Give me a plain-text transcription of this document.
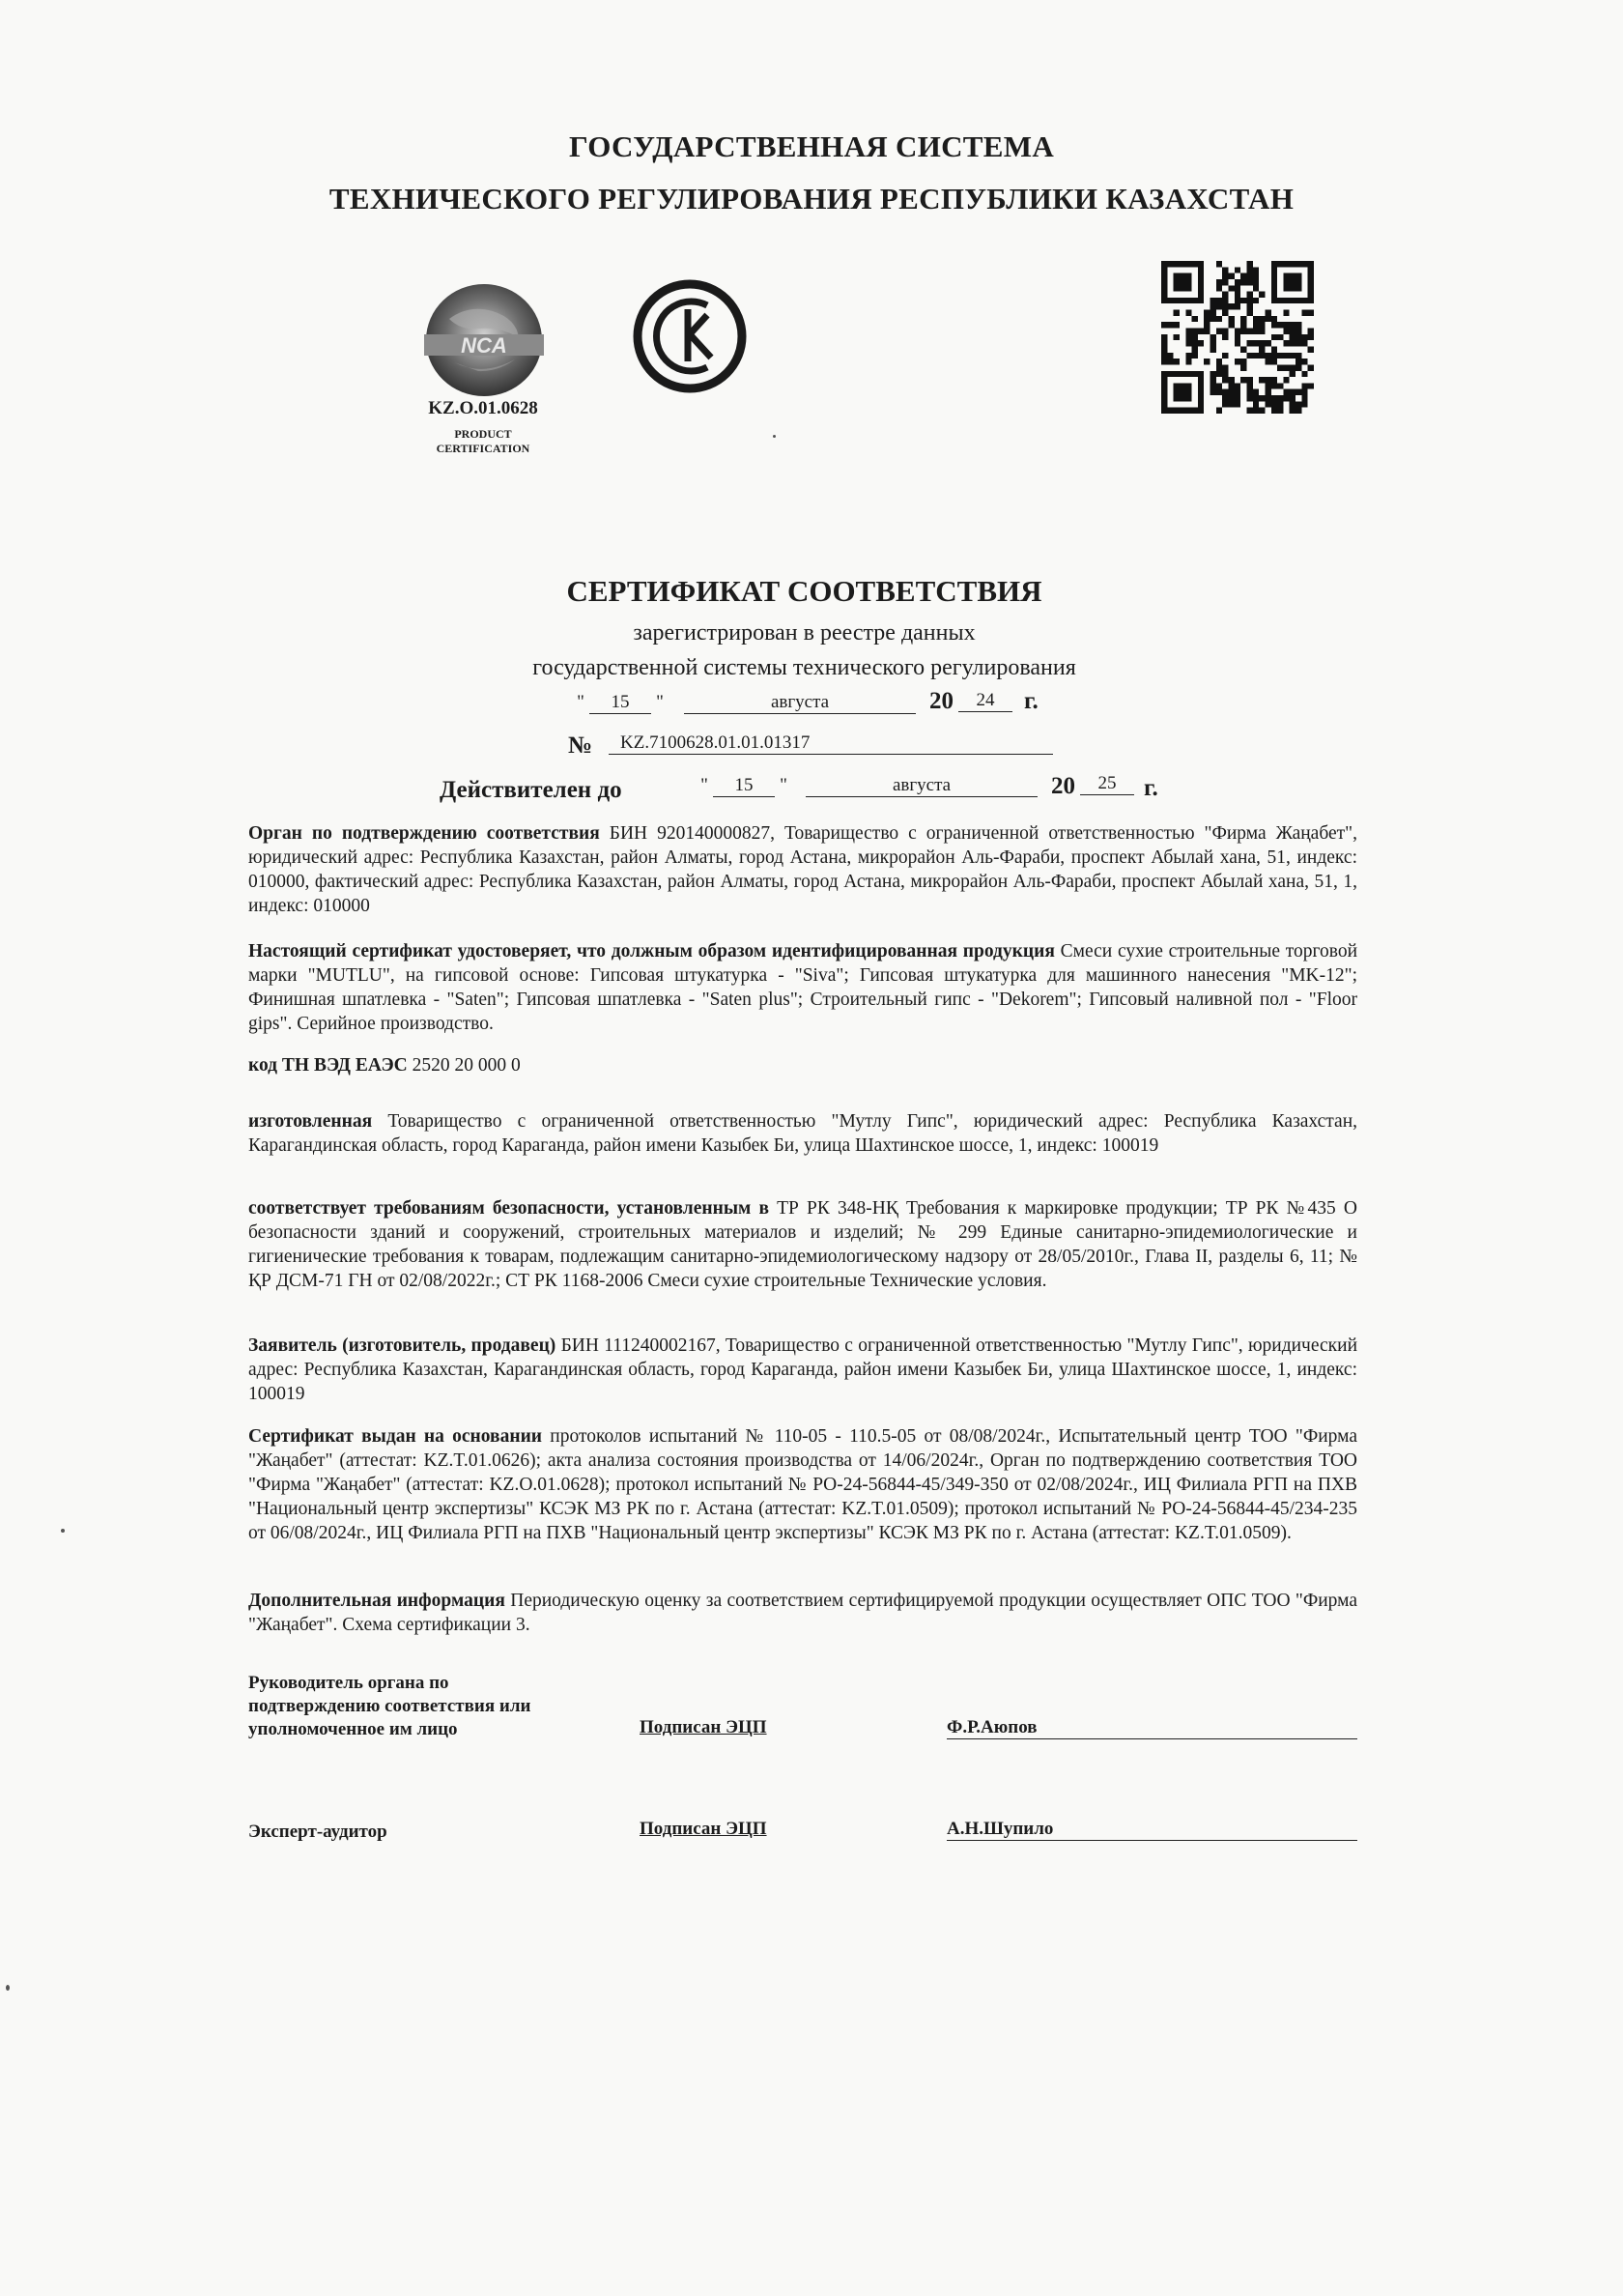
ГОСУДАРСТВЕННАЯ СИСТЕМА
ТЕХНИЧЕСКОГО РЕГУЛИРОВАНИЯ РЕСПУБЛИКИ КАЗАХСТАН
NCA
KZ.O.01.0628
PRODUCT
CERTIFICATION
СЕРТИФИКАТ СООТВЕТСТВИЯ
зарегистрирован в реестре данных
государственной системы технического регулирования
"	15	"	августа	20	24	г.
№	KZ.7100628.01.01.01317
Действителен до	"	15	"	августа	20	25	г.
Орган по подтверждению соответствия БИН 920140000827, Товарищество с ограниченной ответственностью "Фирма Жаңабет", юридический адрес: Республика Казахстан, район Алматы, город Астана, микрорайон Аль-Фараби, проспект Абылай хана, 51, индекс: 010000, фактический адрес: Республика Казахстан, район Алматы, город Астана, микрорайон Аль-Фараби, проспект Абылай хана, 51, 1, индекс: 010000
Настоящий сертификат удостоверяет, что должным образом идентифицированная продукция Смеси сухие строительные торговой марки "MUTLU", на гипсовой основе: Гипсовая штукатурка - "Siva"; Гипсовая штукатурка для машинного нанесения "MK-12"; Финишная шпатлевка - "Saten"; Гипсовая шпатлевка - "Saten plus"; Строительный гипс - "Dekorem"; Гипсовый наливной пол - "Floor gips". Серийное производство.
код ТН ВЭД ЕАЭС 2520 20 000 0
изготовленная Товарищество с ограниченной ответственностью "Мутлу Гипс", юридический адрес: Республика Казахстан, Карагандинская область, город Караганда, район имени Казыбек Би, улица Шахтинское шоссе, 1, индекс: 100019
соответствует требованиям безопасности, установленным в ТР РК 348-НҚ Требования к маркировке продукции; ТР РК №435 О безопасности зданий и сооружений, строительных материалов и изделий; № 299 Единые санитарно-эпидемиологические и гигиенические требования к товарам, подлежащим санитарно-эпидемиологическому надзору от 28/05/2010г., Глава II, разделы 6, 11; № ҚР ДСМ-71 ГН от 02/08/2022г.; СТ РК 1168-2006 Смеси сухие строительные Технические условия.
Заявитель (изготовитель, продавец) БИН 111240002167, Товарищество с ограниченной ответственностью "Мутлу Гипс", юридический адрес: Республика Казахстан, Карагандинская область, город Караганда, район имени Казыбек Би, улица Шахтинское шоссе, 1, индекс: 100019
Сертификат выдан на основании протоколов испытаний № 110-05 - 110.5-05 от 08/08/2024г., Испытательный центр ТОО "Фирма "Жаңабет" (аттестат: KZ.T.01.0626); акта анализа состояния производства от 14/06/2024г., Орган по подтверждению соответствия ТОО "Фирма "Жаңабет" (аттестат: KZ.O.01.0628); протокол испытаний № PO-24-56844-45/349-350 от 02/08/2024г., ИЦ Филиала РГП на ПХВ "Национальный центр экспертизы" КСЭК МЗ РК по г. Астана (аттестат: KZ.T.01.0509); протокол испытаний № PO-24-56844-45/234-235 от 06/08/2024г., ИЦ Филиала РГП на ПХВ "Национальный центр экспертизы" КСЭК МЗ РК по г. Астана (аттестат: KZ.T.01.0509).
Дополнительная информация Периодическую оценку за соответствием сертифицируемой продукции осуществляет ОПС ТОО "Фирма "Жаңабет". Схема сертификации 3.
Руководитель органа по
подтверждению соответствия или
уполномоченное им лицо	Подписан ЭЦП	Ф.Р.Аюпов
Эксперт-аудитор	Подписан ЭЦП	А.Н.Шупило
